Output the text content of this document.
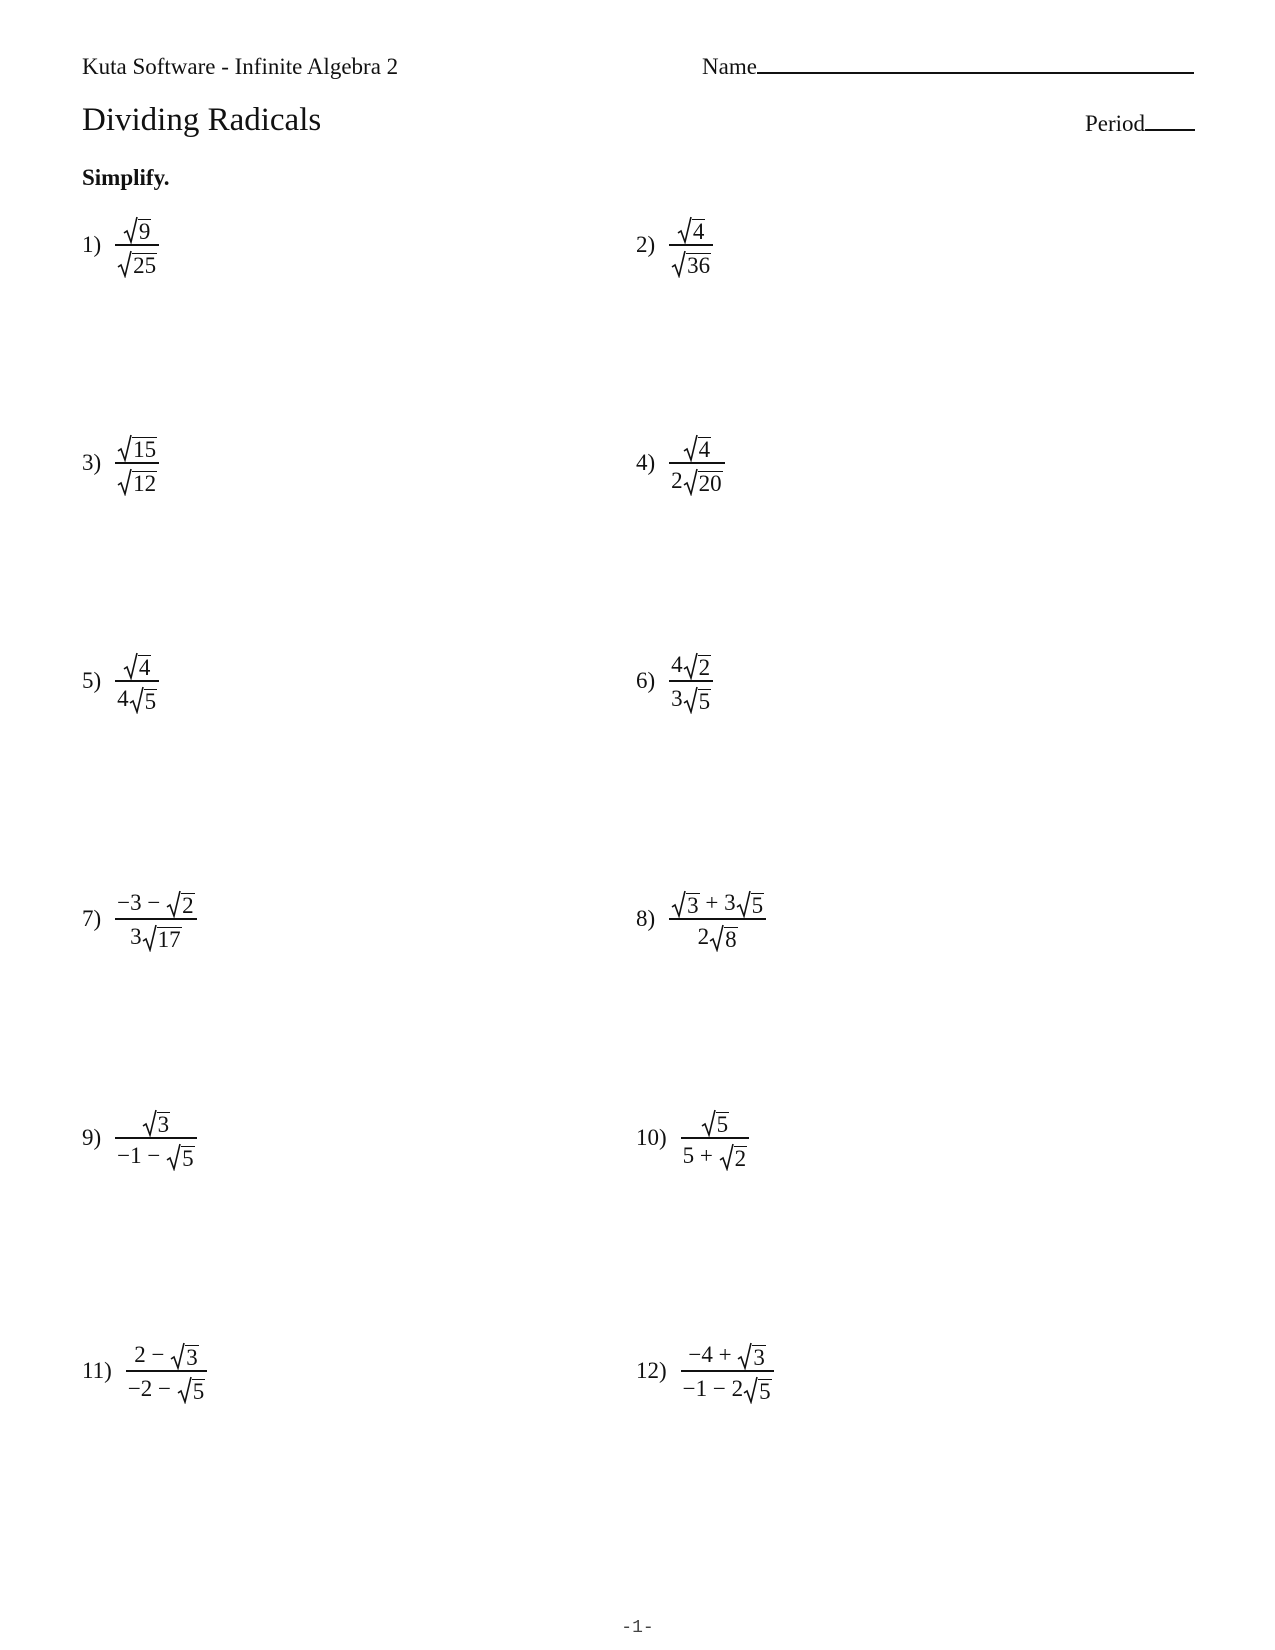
Kuta Software - Infinite Algebra 2	Name
Dividing Radicals	Period
Simplify.
$1) \frac{9}{25}$	$2) \frac{4}{36}$
$3) \frac{15}{12}$	$4) \frac{4}{2 20}$
$5) \frac{4}{4 5}$	$6) \frac{4 2}{3 5}$
$7) \frac{-3 - 2}{3 17}$	$8) \frac{3 + 3 5}{2 8}$
$9) \frac{3}{-1 - 5}$	$10) \frac{5}{5 + 2}$
$11) \frac{2 - 3}{-2 - 5}$	$12) \frac{-4 + 3}{-1 - 2 5}$
-1-
